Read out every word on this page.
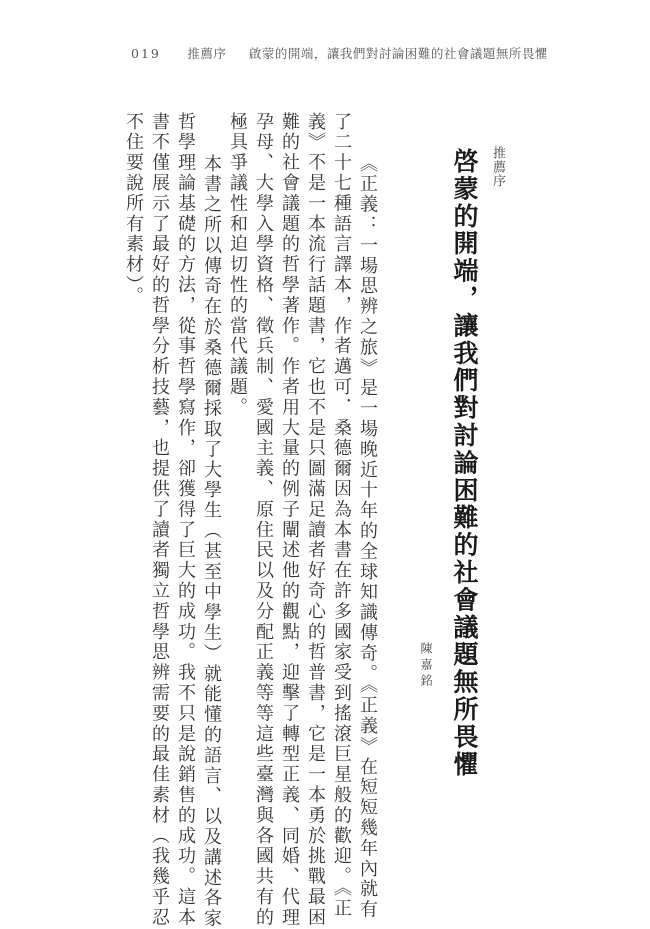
019 推薦序 啟蒙的開端，讓我們對討論困難的社會議題無所畏懼
推薦序
啓蒙的開端，讓我們對討論困難的社會議題無所畏懼
陳嘉銘
《正義：一場思辨之旅》是一場晚近十年的全球知識傳奇。《正義》在短短幾年內就有
了二十七種語言譯本，作者邁可．桑德爾因為本書在許多國家受到搖滾巨星般的歡迎。《正
義》不是一本流行話題書，它也不是只圖滿足讀者好奇心的哲普書，它是一本勇於挑戰最困
難的社會議題的哲學著作。作者用大量的例子闡述他的觀點，迎擊了轉型正義、同婚、代理
孕母、大學入學資格、徵兵制、愛國主義、原住民以及分配正義等等這些臺灣與各國共有的
極具爭議性和迫切性的當代議題。
本書之所以傳奇在於桑德爾採取了大學生（甚至中學生）就能懂的語言、以及講述各家
哲學理論基礎的方法，從事哲學寫作，卻獲得了巨大的成功。我不只是說銷售的成功。這本
書不僅展示了最好的哲學分析技藝，也提供了讀者獨立哲學思辨需要的最佳素材（我幾乎忍
不住要說所有素材）。
